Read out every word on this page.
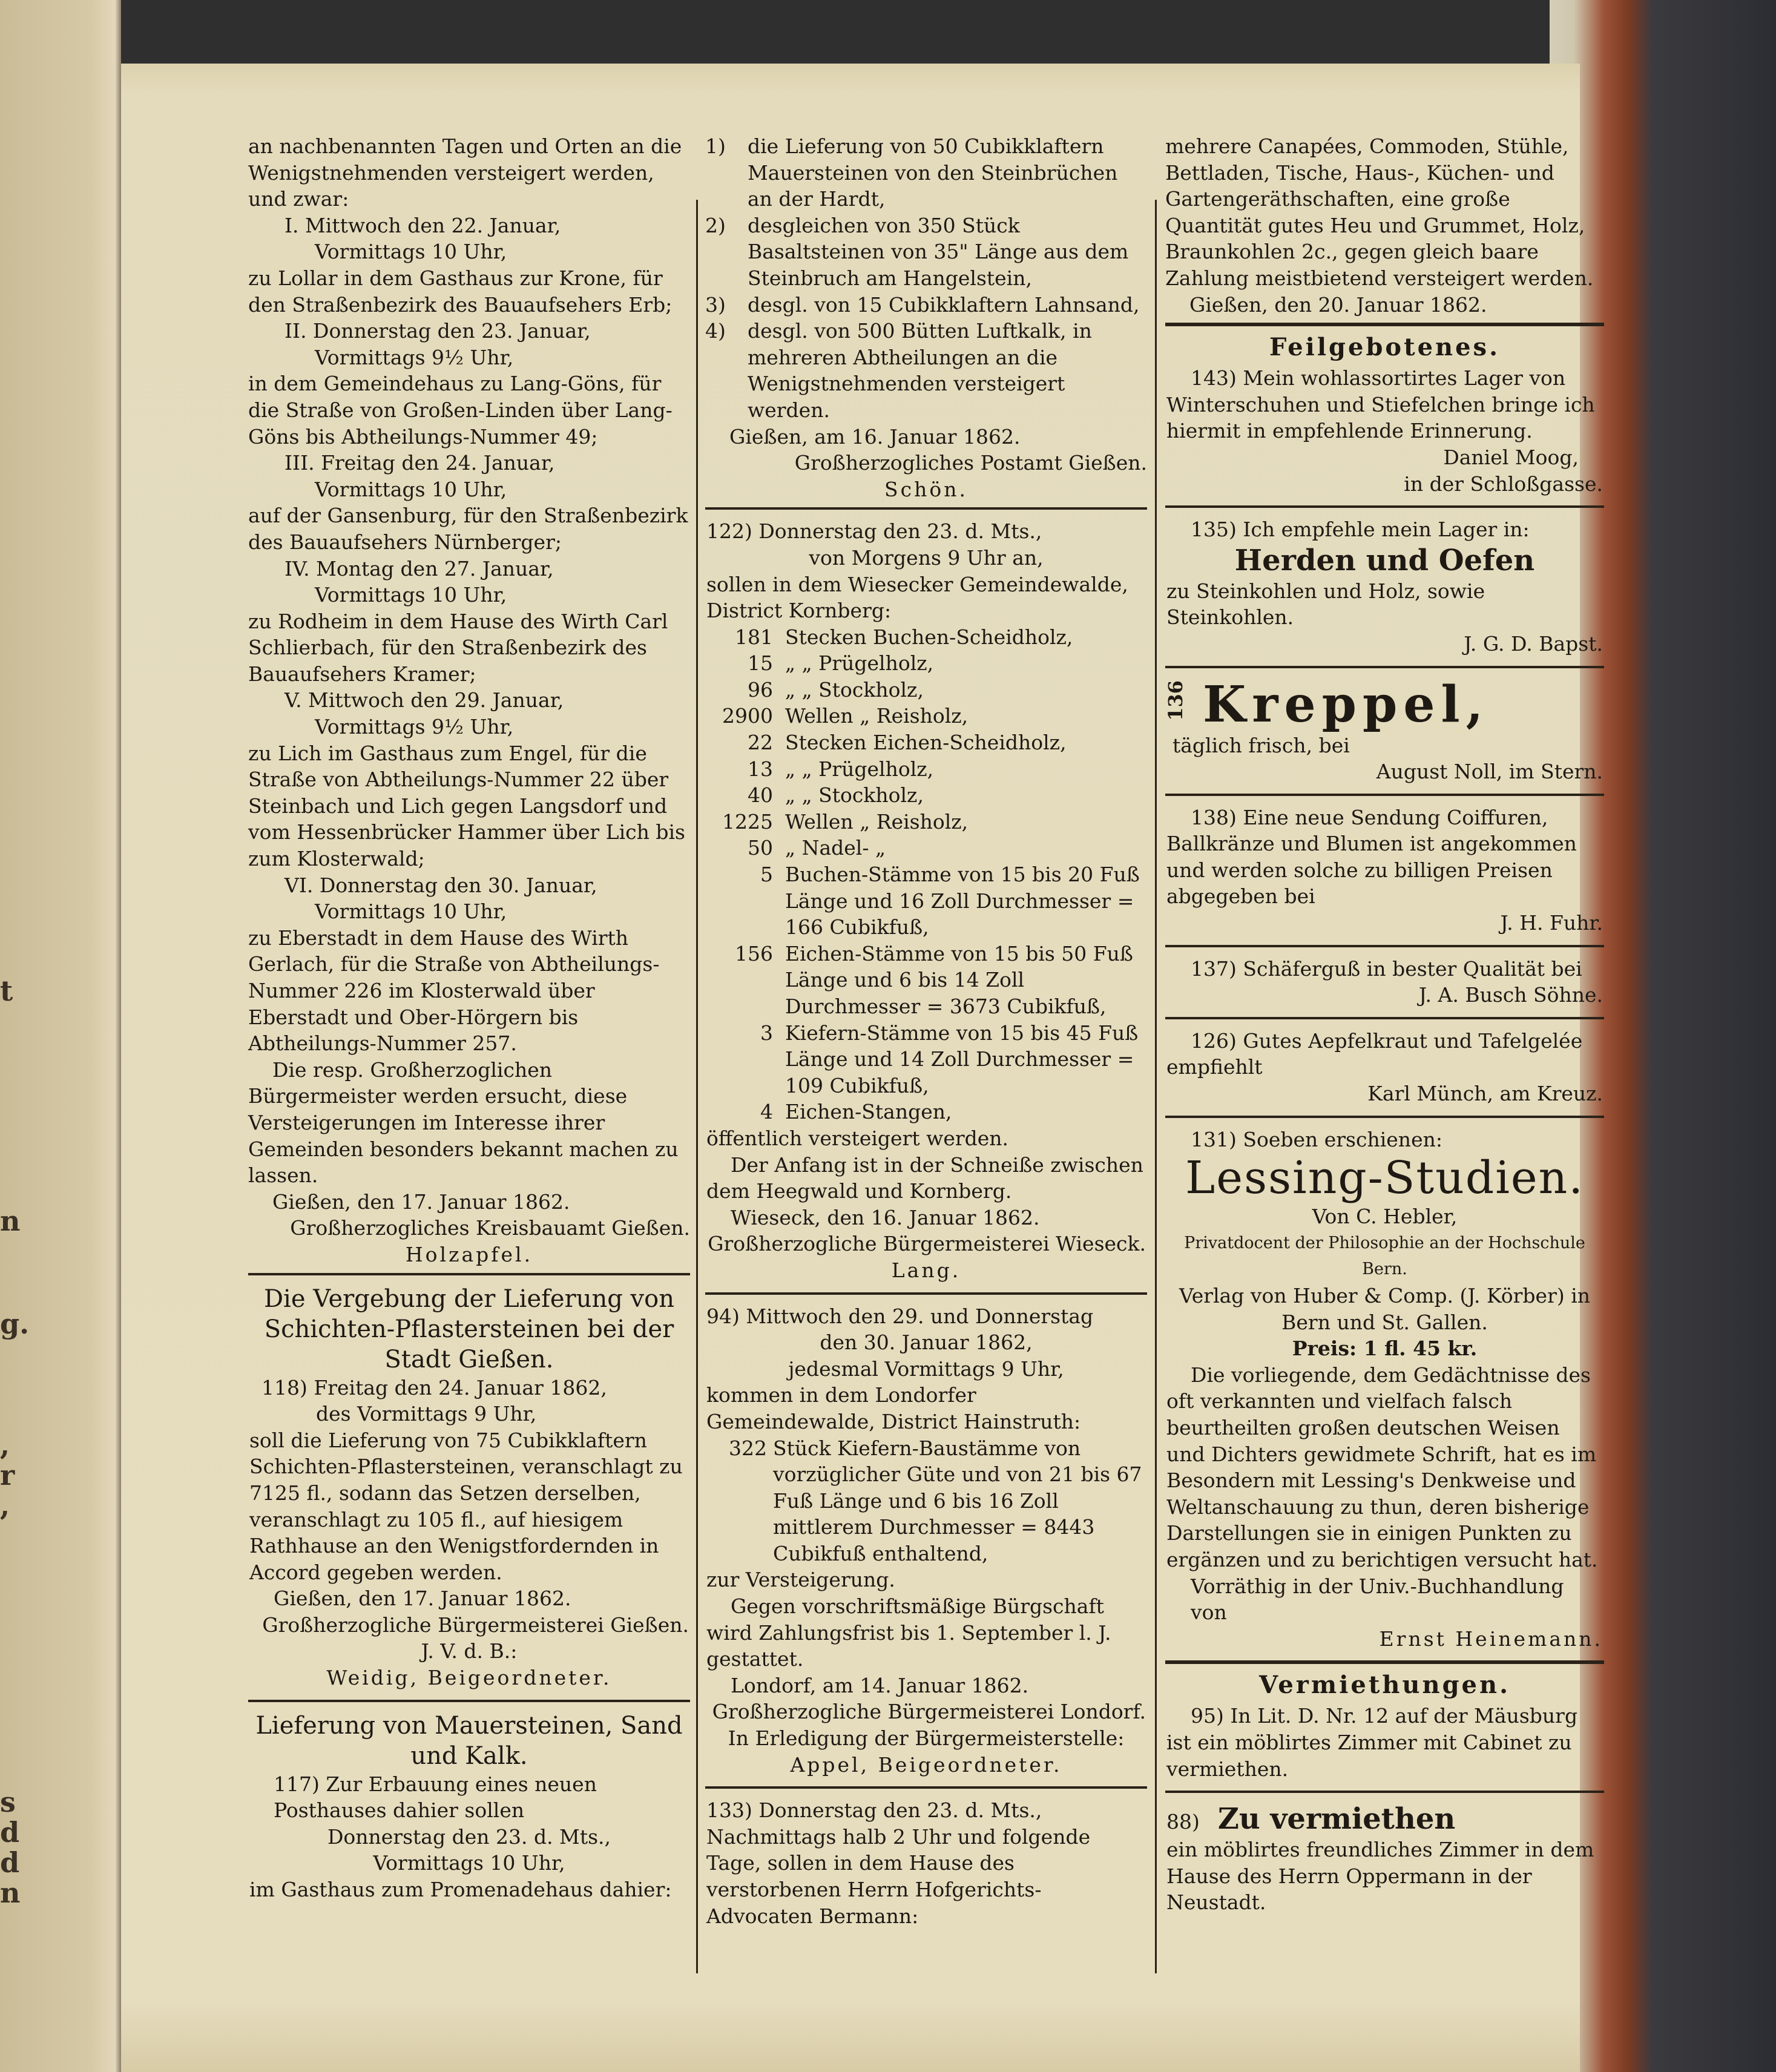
t
n
g.
,
r
,
s
d
d
n

an nachbenannten Tagen und Orten an die Wenigstnehmenden versteigert werden, und zwar:

I. Mittwoch den 22. Januar,
Vormittags 10 Uhr,
zu Lollar in dem Gasthaus zur Krone, für den Straßenbezirk des Bauaufsehers Erb;
II. Donnerstag den 23. Januar,
Vormittags 9½ Uhr,
in dem Gemeindehaus zu Lang-Göns, für die Straße von Großen-Linden über Lang-Göns bis Abtheilungs-Nummer 49;
III. Freitag den 24. Januar,
Vormittags 10 Uhr,
auf der Gansenburg, für den Straßenbezirk des Bauaufsehers Nürnberger;
IV. Montag den 27. Januar,
Vormittags 10 Uhr,
zu Rodheim in dem Hause des Wirth Carl Schlierbach, für den Straßenbezirk des Bauaufsehers Kramer;
V. Mittwoch den 29. Januar,
Vormittags 9½ Uhr,
zu Lich im Gasthaus zum Engel, für die Straße von Abtheilungs-Nummer 22 über Steinbach und Lich gegen Langsdorf und vom Hessenbrücker Hammer über Lich bis zum Klosterwald;
VI. Donnerstag den 30. Januar,
Vormittags 10 Uhr,
zu Eberstadt in dem Hause des Wirth Gerlach, für die Straße von Abtheilungs-Nummer 226 im Klosterwald über Eberstadt und Ober-Hörgern bis Abtheilungs-Nummer 257.

Die resp. Großherzoglichen Bürgermeister werden ersucht, diese Versteigerungen im Interesse ihrer Gemeinden besonders bekannt machen zu lassen.

Gießen, den 17. Januar 1862.
Großherzogliches Kreisbauamt Gießen.
Holzapfel.
Die Vergebung der Lieferung von Schichten-Pflastersteinen bei der Stadt Gießen.
118) Freitag den 24. Januar 1862,
des Vormittags 9 Uhr,

soll die Lieferung von 75 Cubikklaftern Schichten-Pflastersteinen, veranschlagt zu 7125 fl., sodann das Setzen derselben, veranschlagt zu 105 fl., auf hiesigem Rathhause an den Wenigstfordernden in Accord gegeben werden.

Gießen, den 17. Januar 1862.
Großherzogliche Bürgermeisterei Gießen.
J. V. d. B.:
Weidig, Beigeordneter.
Lieferung von Mauersteinen, Sand und Kalk.
117) Zur Erbauung eines neuen Posthauses dahier sollen
Donnerstag den 23. d. Mts.,
Vormittags 10 Uhr,
im Gasthaus zum Promenadehaus dahier:
1)	die Lieferung von 50 Cubikklaftern Mauersteinen von den Steinbrüchen an der Hardt,
2)	desgleichen von 350 Stück Basaltsteinen von 35" Länge aus dem Steinbruch am Hangelstein,
3)	desgl. von 15 Cubikklaftern Lahnsand,
4)	desgl. von 500 Bütten Luftkalk, in mehreren Abtheilungen an die Wenigstnehmenden versteigert werden.
Gießen, am 16. Januar 1862.
Großherzogliches Postamt Gießen.
Schön.
122) Donnerstag den 23. d. Mts.,
von Morgens 9 Uhr an,
sollen in dem Wiesecker Gemeindewalde, District Kornberg:
181 Stecken Buchen-Scheidholz,
15 „ „ Prügelholz,
96 „ „ Stockholz,
2900 Wellen „ Reisholz,
22 Stecken Eichen-Scheidholz,
13 „ „ Prügelholz,
40 „ „ Stockholz,
1225 Wellen „ Reisholz,
50 „ Nadel- „
5 Buchen-Stämme von 15 bis 20 Fuß Länge und 16 Zoll Durchmesser = 166 Cubikfuß,
156 Eichen-Stämme von 15 bis 50 Fuß Länge und 6 bis 14 Zoll Durchmesser = 3673 Cubikfuß,
3 Kiefern-Stämme von 15 bis 45 Fuß Länge und 14 Zoll Durchmesser = 109 Cubikfuß,
4 Eichen-Stangen,
öffentlich versteigert werden.

Der Anfang ist in der Schneiße zwischen dem Heegwald und Kornberg.

Wieseck, den 16. Januar 1862.
Großherzogliche Bürgermeisterei Wieseck.
Lang.
94) Mittwoch den 29. und Donnerstag
den 30. Januar 1862,
jedesmal Vormittags 9 Uhr,
kommen in dem Londorfer Gemeindewalde, District Hainstruth:
322 Stück Kiefern-Baustämme von vorzüglicher Güte und von 21 bis 67 Fuß Länge und 6 bis 16 Zoll mittlerem Durchmesser = 8443 Cubikfuß enthaltend,
zur Versteigerung.

Gegen vorschriftsmäßige Bürgschaft wird Zahlungsfrist bis 1. September l. J. gestattet.

Londorf, am 14. Januar 1862.
Großherzogliche Bürgermeisterei Londorf.
In Erledigung der Bürgermeisterstelle:
Appel, Beigeordneter.
133) Donnerstag den 23. d. Mts.,

Nachmittags halb 2 Uhr und folgende Tage, sollen in dem Hause des verstorbenen Herrn Hofgerichts-Advocaten Bermann:

mehrere Canapées, Commoden, Stühle, Bettladen, Tische, Haus-, Küchen- und Gartengeräthschaften, eine große Quantität gutes Heu und Grummet, Holz, Braunkohlen 2c., gegen gleich baare Zahlung meistbietend versteigert werden.

Gießen, den 20. Januar 1862.
Feilgebotenes.

143) Mein wohlassortirtes Lager von Winterschuhen und Stiefelchen bringe ich hiermit in empfehlende Erinnerung.

Daniel Moog,
in der Schloßgasse.
135) Ich empfehle mein Lager in:
Herden und Oefen
zu Steinkohlen und Holz, sowie Steinkohlen.
J. G. D. Bapst.
136 Kreppel,
täglich frisch, bei
August Noll, im Stern.

138) Eine neue Sendung Coiffuren, Ballkränze und Blumen ist angekommen und werden solche zu billigen Preisen abgegeben bei

J. H. Fuhr.

137) Schäferguß in bester Qualität bei

J. A. Busch Söhne.

126) Gutes Aepfelkraut und Tafelgelée empfiehlt

Karl Münch, am Kreuz.
131) Soeben erschienen:
Lessing-Studien.
Von C. Hebler,
Privatdocent der Philosophie an der Hochschule Bern.
Verlag von Huber & Comp. (J. Körber) in Bern und St. Gallen.
Preis: 1 fl. 45 kr.

Die vorliegende, dem Gedächtnisse des oft verkannten und vielfach falsch beurtheilten großen deutschen Weisen und Dichters gewidmete Schrift, hat es im Besondern mit Lessing's Denkweise und Weltanschauung zu thun, deren bisherige Darstellungen sie in einigen Punkten zu ergänzen und zu berichtigen versucht hat.

Vorräthig in der Univ.-Buchhandlung von
Ernst Heinemann.
Vermiethungen.

95) In Lit. D. Nr. 12 auf der Mäusburg ist ein möblirtes Zimmer mit Cabinet zu vermiethen.

88) Zu vermiethen

ein möblirtes freundliches Zimmer in dem Hause des Herrn Oppermann in der Neustadt.
